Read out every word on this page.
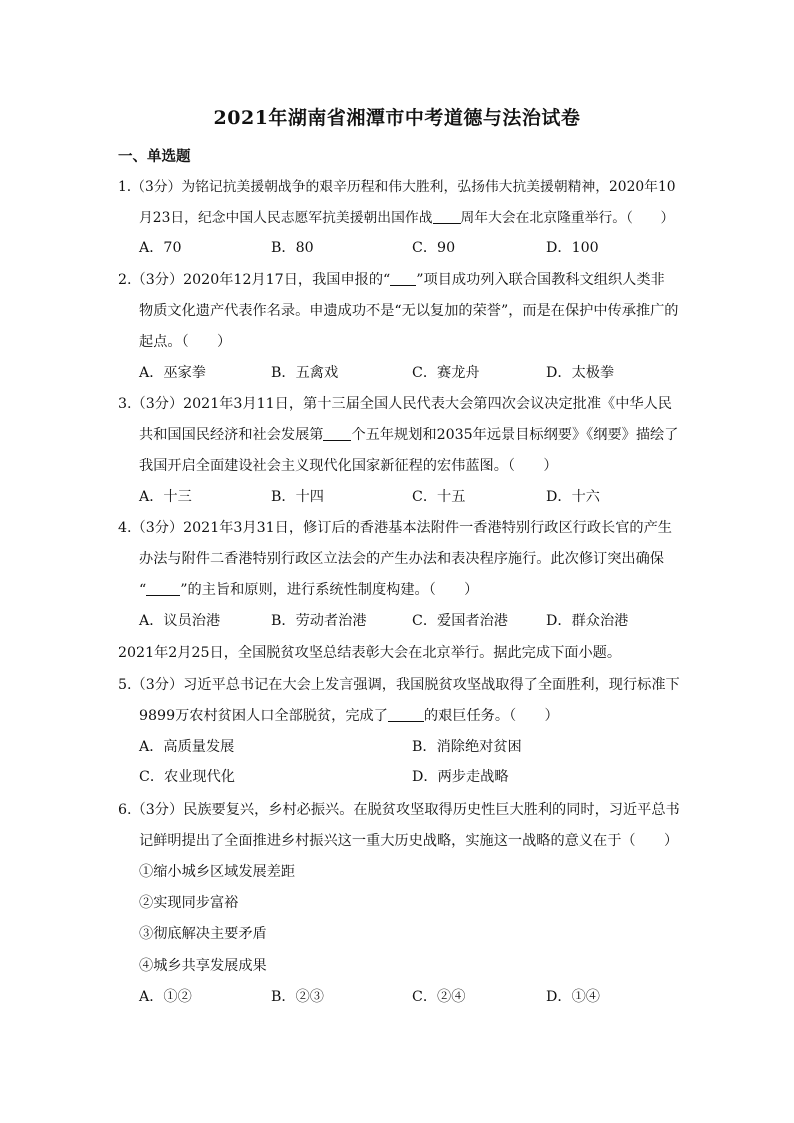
2021年湖南省湘潭市中考道德与法治试卷
一、单选题
1.（3分）为铭记抗美援朝战争的艰辛历程和伟大胜利，弘扬伟大抗美援朝精神，2020年10
月23日，纪念中国人民志愿军抗美援朝出国作战 周年大会在北京隆重举行。（　　）
A．70	B．80	C．90	D．100
2.（3分）2020年12月17日，我国申报的“ ”项目成功列入联合国教科文组织人类非
物质文化遗产代表作名录。申遗成功不是“无以复加的荣誉”，而是在保护中传承推广的
起点。（　　）
A．巫家拳	B．五禽戏	C．赛龙舟	D．太极拳
3.（3分）2021年3月11日，第十三届全国人民代表大会第四次会议决定批准《中华人民
共和国国民经济和社会发展第 个五年规划和2035年远景目标纲要》《纲要》描绘了
我国开启全面建设社会主义现代化国家新征程的宏伟蓝图。（　　）
A．十三	B．十四	C．十五	D．十六
4.（3分）2021年3月31日，修订后的香港基本法附件一香港特别行政区行政长官的产生
办法与附件二香港特别行政区立法会的产生办法和表决程序施行。此次修订突出确保
“ ”的主旨和原则，进行系统性制度构建。（　　）
A．议员治港	B．劳动者治港	C．爱国者治港	D．群众治港
2021年2月25日，全国脱贫攻坚总结表彰大会在北京举行。据此完成下面小题。
5.（3分）习近平总书记在大会上发言强调，我国脱贫攻坚战取得了全面胜利，现行标准下
9899万农村贫困人口全部脱贫，完成了	的艰巨任务。（　　）
A．高质量发展	B．消除绝对贫困
C．农业现代化	D．两步走战略
6.（3分）民族要复兴，乡村必振兴。在脱贫攻坚取得历史性巨大胜利的同时，习近平总书
记鲜明提出了全面推进乡村振兴这一重大历史战略，实施这一战略的意义在于（　　）
①缩小城乡区域发展差距
②实现同步富裕
③彻底解决主要矛盾
④城乡共享发展成果
A．①②	B．②③	C．②④	D．①④
